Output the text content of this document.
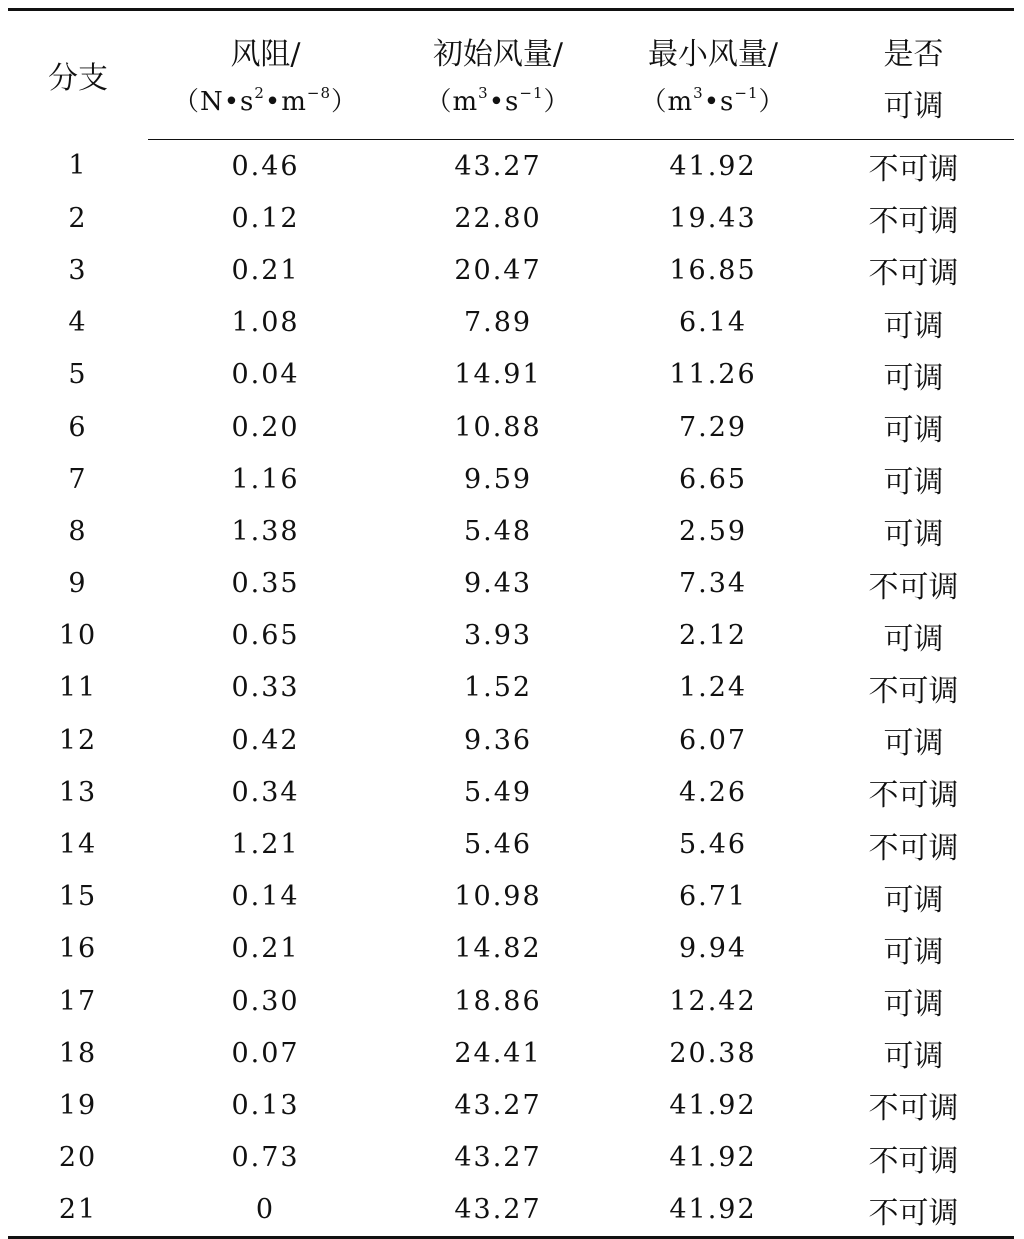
分支	风阻/	初始风量/	最小风量/	是否
	$(N•s^2•m^{-8})$	$(m^3•s^{-1})$	$(m^3•s^{-1})$	可调
1	0.46	43.27	41.92	不可调
2	0.12	22.80	19.43	不可调
3	0.21	20.47	16.85	不可调
4	1.08	7.89	6.14	可调
5	0.04	14.91	11.26	可调
6	0.20	10.88	7.29	可调
7	1.16	9.59	6.65	可调
8	1.38	5.48	2.59	可调
9	0.35	9.43	7.34	不可调
10	0.65	3.93	2.12	可调
11	0.33	1.52	1.24	不可调
12	0.42	9.36	6.07	可调
13	0.34	5.49	4.26	不可调
14	1.21	5.46	5.46	不可调
15	0.14	10.98	6.71	可调
16	0.21	14.82	9.94	可调
17	0.30	18.86	12.42	可调
18	0.07	24.41	20.38	可调
19	0.13	43.27	41.92	不可调
20	0.73	43.27	41.92	不可调
21	0	43.27	41.92	不可调
